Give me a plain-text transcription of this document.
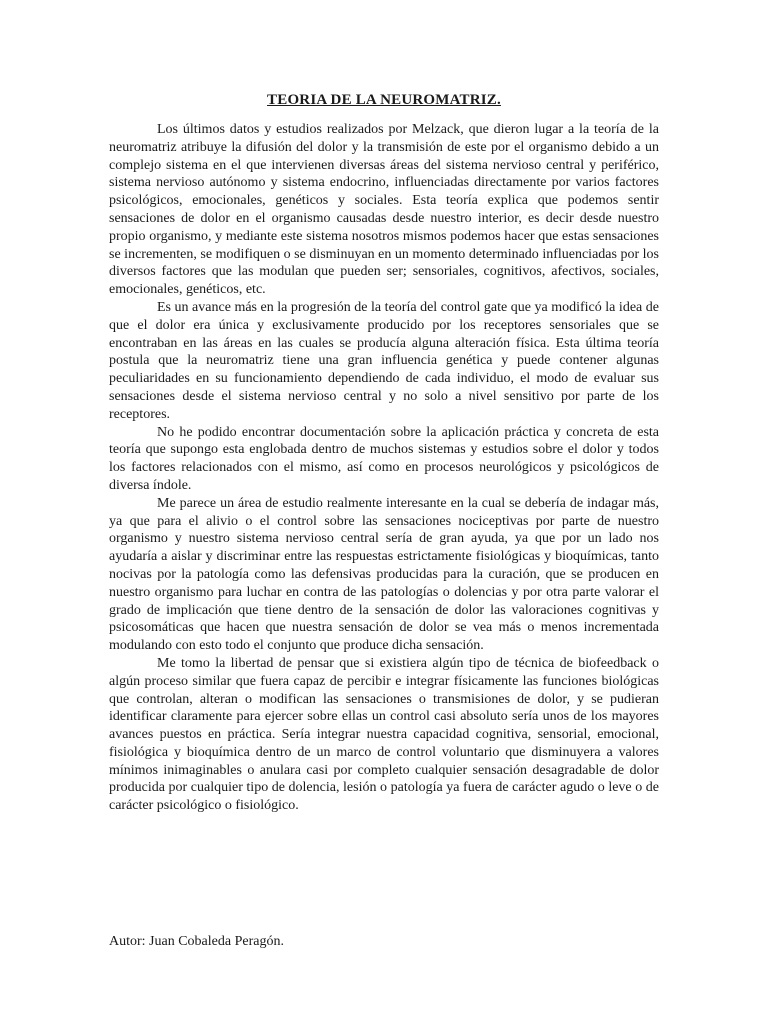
TEORIA DE LA NEUROMATRIZ.

Los últimos datos y estudios realizados por Melzack, que dieron lugar a la teoría de la neuromatriz atribuye la difusión del dolor y la transmisión de este por el organismo debido a un complejo sistema en el que intervienen diversas áreas del sistema nervioso central y periférico, sistema nervioso autónomo y sistema endocrino, influenciadas directamente por varios factores psicológicos, emocionales, genéticos y sociales. Esta teoría explica que podemos sentir sensaciones de dolor en el organismo causadas desde nuestro interior, es decir desde nuestro propio organismo, y mediante este sistema nosotros mismos podemos hacer que estas sensaciones se incrementen, se modifiquen o se disminuyan en un momento determinado influenciadas por los diversos factores que las modulan que pueden ser; sensoriales, cognitivos, afectivos, sociales, emocionales, genéticos, etc.

Es un avance más en la progresión de la teoría del control gate que ya modificó la idea de que el dolor era única y exclusivamente producido por los receptores sensoriales que se encontraban en las áreas en las cuales se producía alguna alteración física. Esta última teoría postula que la neuromatriz tiene una gran influencia genética y puede contener algunas peculiaridades en su funcionamiento dependiendo de cada individuo, el modo de evaluar sus sensaciones desde el sistema nervioso central y no solo a nivel sensitivo por parte de los receptores.

No he podido encontrar documentación sobre la aplicación práctica y concreta de esta teoría que supongo esta englobada dentro de muchos sistemas y estudios sobre el dolor y todos los factores relacionados con el mismo, así como en procesos neurológicos y psicológicos de diversa índole.

Me parece un área de estudio realmente interesante en la cual se debería de indagar más, ya que para el alivio o el control sobre las sensaciones nociceptivas por parte de nuestro organismo y nuestro sistema nervioso central sería de gran ayuda, ya que por un lado nos ayudaría a aislar y discriminar entre las respuestas estrictamente fisiológicas y bioquímicas, tanto nocivas por la patología como las defensivas producidas para la curación, que se producen en nuestro organismo para luchar en contra de las patologías o dolencias y por otra parte valorar el grado de implicación que tiene dentro de la sensación de dolor las valoraciones cognitivas y psicosomáticas que hacen que nuestra sensación de dolor se vea más o menos incrementada modulando con esto todo el conjunto que produce dicha sensación.

Me tomo la libertad de pensar que si existiera algún tipo de técnica de biofeedback o algún proceso similar que fuera capaz de percibir e integrar físicamente las funciones biológicas que controlan, alteran o modifican las sensaciones o transmisiones de dolor, y se pudieran identificar claramente para ejercer sobre ellas un control casi absoluto sería unos de los mayores avances puestos en práctica. Sería integrar nuestra capacidad cognitiva, sensorial, emocional, fisiológica y bioquímica dentro de un marco de control voluntario que disminuyera a valores mínimos inimaginables o anulara casi por completo cualquier sensación desagradable de dolor producida por cualquier tipo de dolencia, lesión o patología ya fuera de carácter agudo o leve o de carácter psicológico o fisiológico.

Autor: Juan Cobaleda Peragón.
